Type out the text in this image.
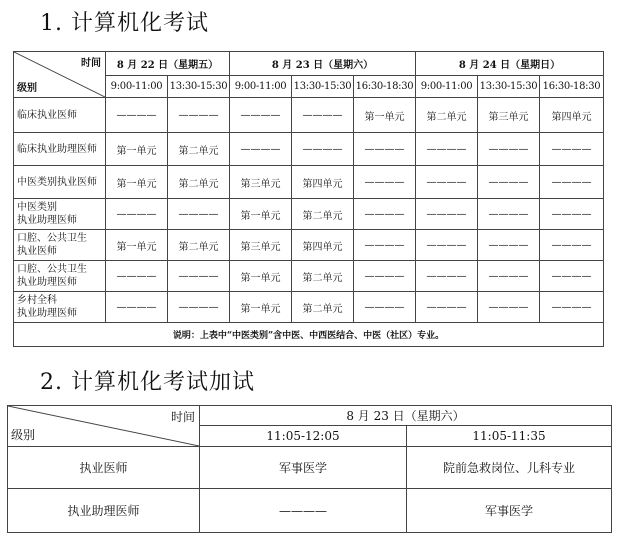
1. 计算机化考试
时间
级别	8 月 22 日（星期五）		8 月 23 日（星期六）			8 月 24 日（星期日）		
	9:00-11:00	13:30-15:30	9:00-11:00	13:30-15:30	16:30-18:30	9:00-11:00	13:30-15:30	16:30-18:30
临床执业医师	————	————	————	————	第一单元	第二单元	第三单元	第四单元
临床执业助理医师	第一单元	第二单元	————	————	————	————	————	————
中医类别执业医师	第一单元	第二单元	第三单元	第四单元	————	————	————	————
中医类别
执业助理医师	————	————	第一单元	第二单元	————	————	————	————
口腔、公共卫生
执业医师	第一单元	第二单元	第三单元	第四单元	————	————	————	————
口腔、公共卫生
执业助理医师	————	————	第一单元	第二单元	————	————	————	————
乡村全科
执业助理医师	————	————	第一单元	第二单元	————	————	————	————
说明：上表中“中医类别”含中医、中西医结合、中医（社区）专业。								
2. 计算机化考试加试
时间
级别	8 月 23 日（星期六）	
	11:05-12:05	11:05-11:35
执业医师	军事医学	院前急救岗位、儿科专业
执业助理医师	————	军事医学
